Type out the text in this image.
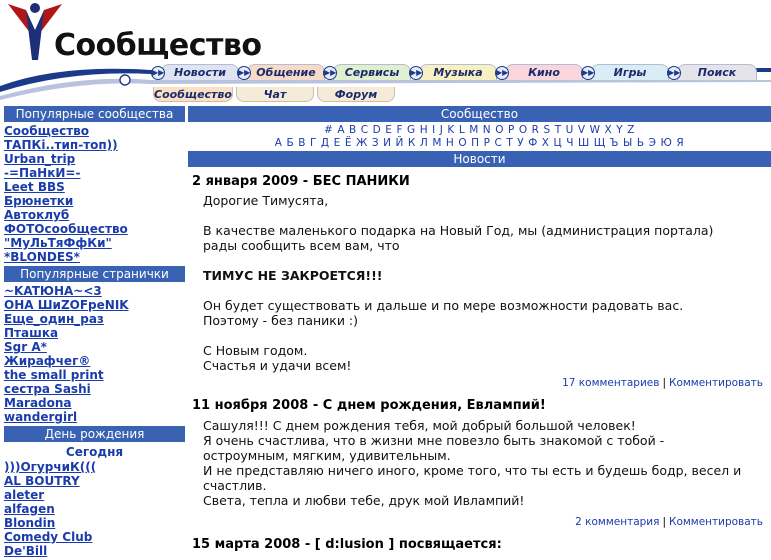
Сообщество
▶▶ Новости	▶▶ Общение	▶▶ Сервисы	▶▶ Музыка	▶▶ Кино	▶▶ Игры	▶▶ Поиск
Сообщество	Чат	Форум
Популярные сообщества
Сообщество
ТАПКі..тип-топ))
Urban_trip
-=ПаНкИ=-
Leet BBS
Брюнетки
Автоклуб
ФОТОсообщество
"МуЛьТяФфКи"
*BLONDES*
Популярные странички
~KATЮHA~<3
ОНА ШиZOFpeNIK
Еще_один_раз
Пташка
Sgr A*
Жирафчег®
the small print
сестра Sashi
Maradona
wandergirl
День рождения
Сегодня
)))ОгурчиК(((
AL BOUTRY
aleter
alfagen
Blondin
Comedy Club
De'Bill
Сообщество
# A B C D E F G H I J K L M N O P O R S T U V W X Y Z
А Б В Г Д Е Ё Ж З И Й К Л М Н О П Р С Т У Ф Х Ц Ч Ш Щ Ъ Ы Ь Э Ю Я
Новости
2 января 2009 - БЕС ПАНИКИ

Дорогие Тимусята,

В качестве маленького подарка на Новый Год, мы (администрация портала)

рады сообщить всем вам, что

ТИМУС НЕ ЗАКРОЕТСЯ!!!

Он будет существовать и дальше и по мере возможности радовать вас.

Поэтому - без паники :)

С Новым годом.

Счастья и удачи всем!

17 комментариев | Комментировать
11 ноября 2008 - С днем рождения, Евлампий!

Сашуля!!! С днем рождения тебя, мой добрый большой человек!

Я очень счастлива, что в жизни мне повезло быть знакомой с тобой -

остроумным, мягким, удивительным.

И не представляю ничего иного, кроме того, что ты есть и будешь бодр, весел и

счастлив.

Света, тепла и любви тебе, друк мой Ивлампий!

2 комментария | Комментировать
15 марта 2008 - [ d:lusion ] посвящается:
